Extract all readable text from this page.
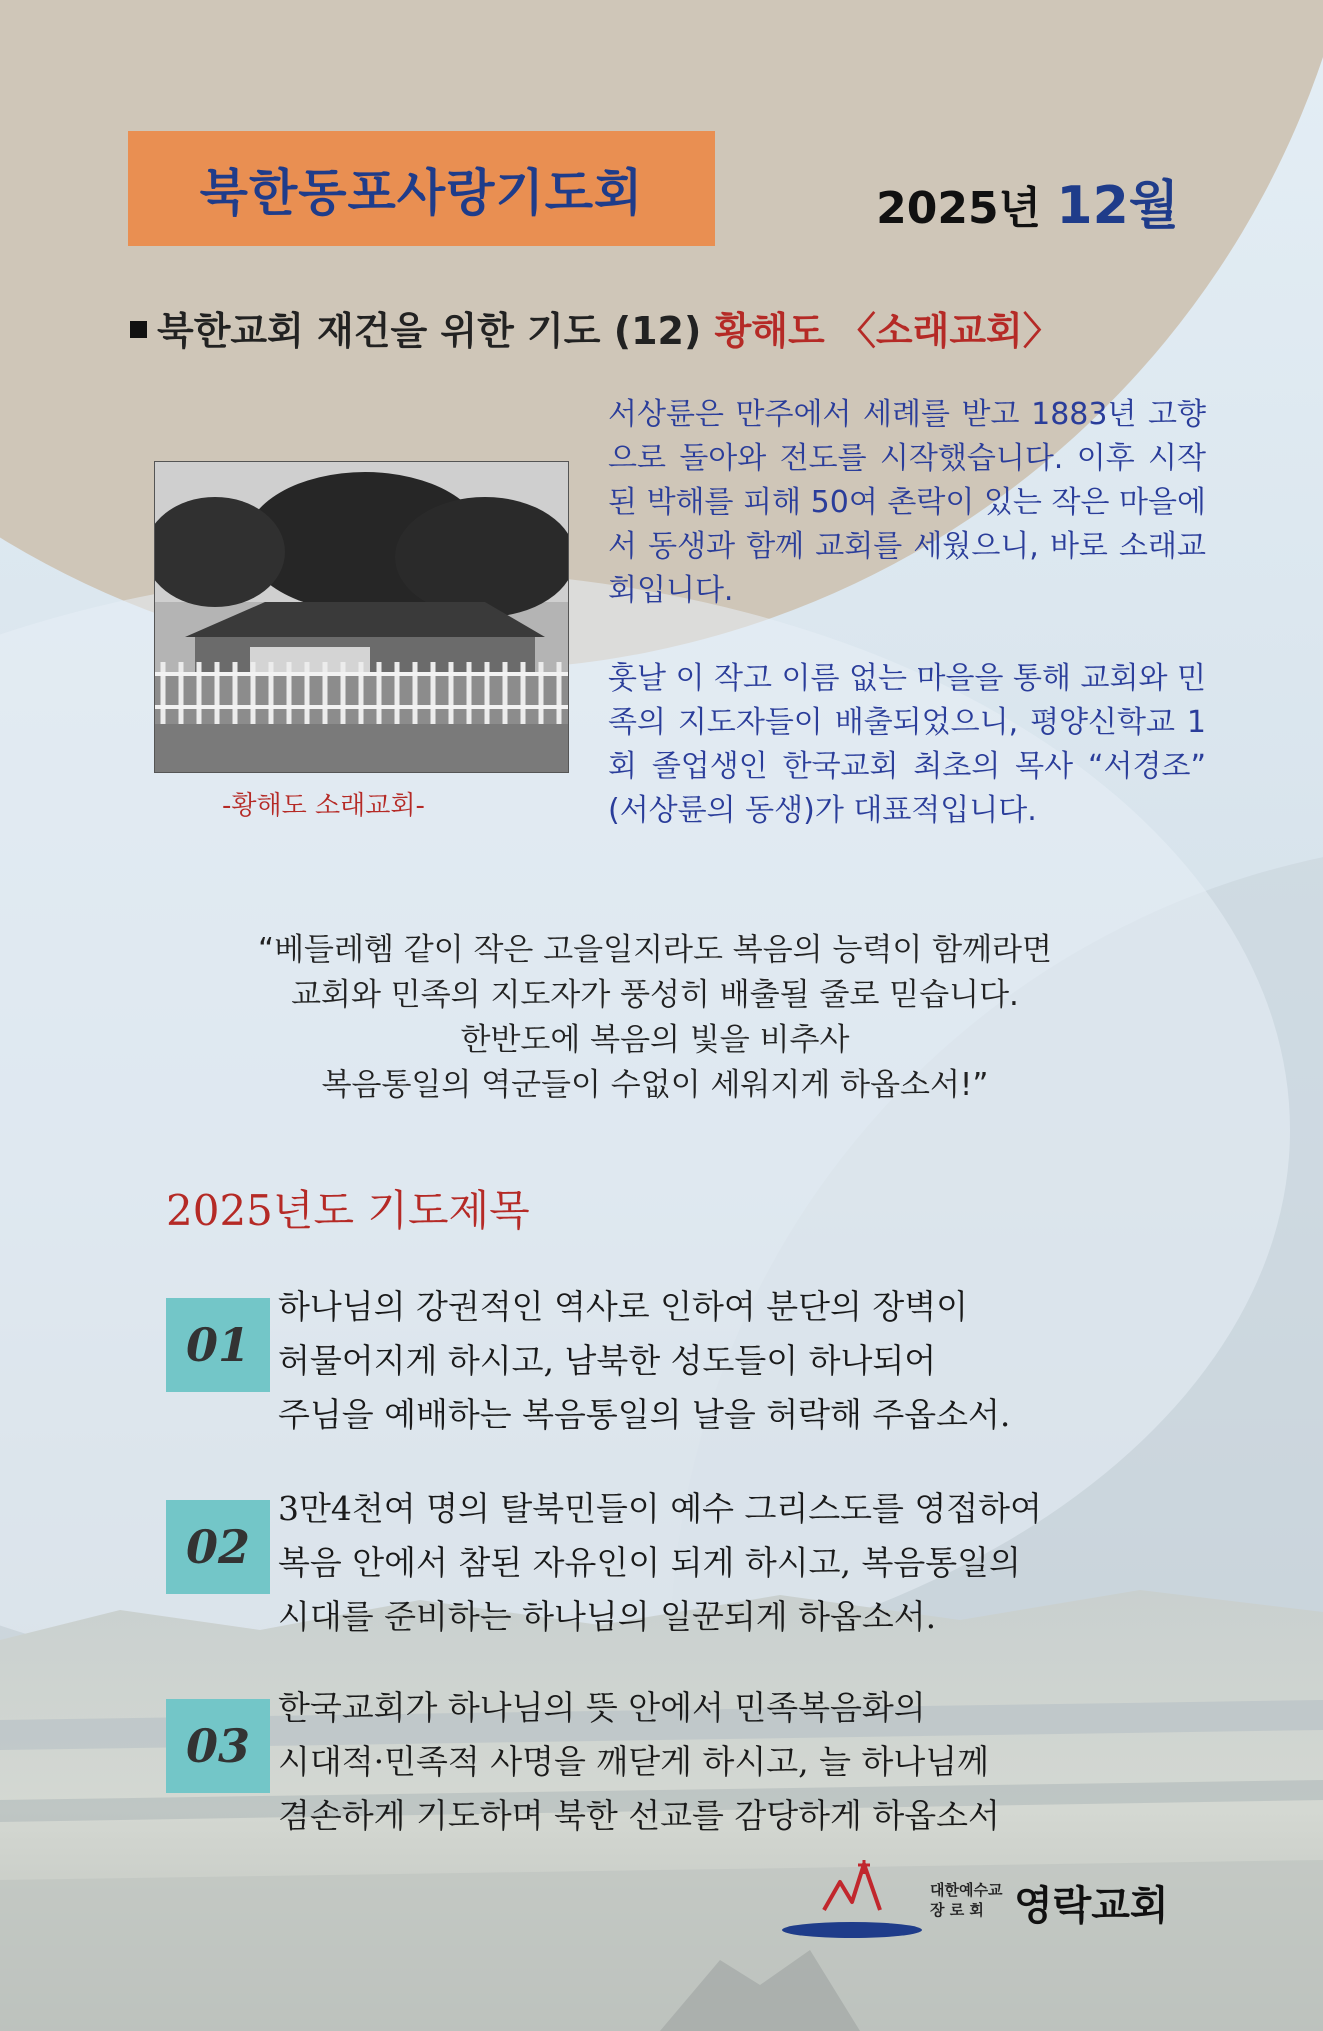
북한동포사랑기도회	2025년 12월
북한교회 재건을 위한 기도 (12) 황해도 〈소래교회〉
-황해도 소래교회-

서상륜은 만주에서 세례를 받고 1883년 고향으로 돌아와 전도를 시작했습니다. 이후 시작된 박해를 피해 50여 촌락이 있는 작은 마을에서 동생과 함께 교회를 세웠으니, 바로 소래교회입니다.

훗날 이 작고 이름 없는 마을을 통해 교회와 민족의 지도자들이 배출되었으니, 평양신학교 1회 졸업생인 한국교회 최초의 목사 “서경조” (서상륜의 동생)가 대표적입니다.

“베들레헴 같이 작은 고을일지라도 복음의 능력이 함께라면
교회와 민족의 지도자가 풍성히 배출될 줄로 믿습니다.
한반도에 복음의 빛을 비추사
복음통일의 역군들이 수없이 세워지게 하옵소서!”
2025년도 기도제목
01
하나님의 강권적인 역사로 인하여 분단의 장벽이
허물어지게 하시고, 남북한 성도들이 하나되어
주님을 예배하는 복음통일의 날을 허락해 주옵소서.
02
3만4천여 명의 탈북민들이 예수 그리스도를 영접하여
복음 안에서 참된 자유인이 되게 하시고, 복음통일의
시대를 준비하는 하나님의 일꾼되게 하옵소서.
03
한국교회가 하나님의 뜻 안에서 민족복음화의
시대적·민족적 사명을 깨닫게 하시고, 늘 하나님께
겸손하게 기도하며 북한 선교를 감당하게 하옵소서
대한예수교
장 로 회 영락교회
